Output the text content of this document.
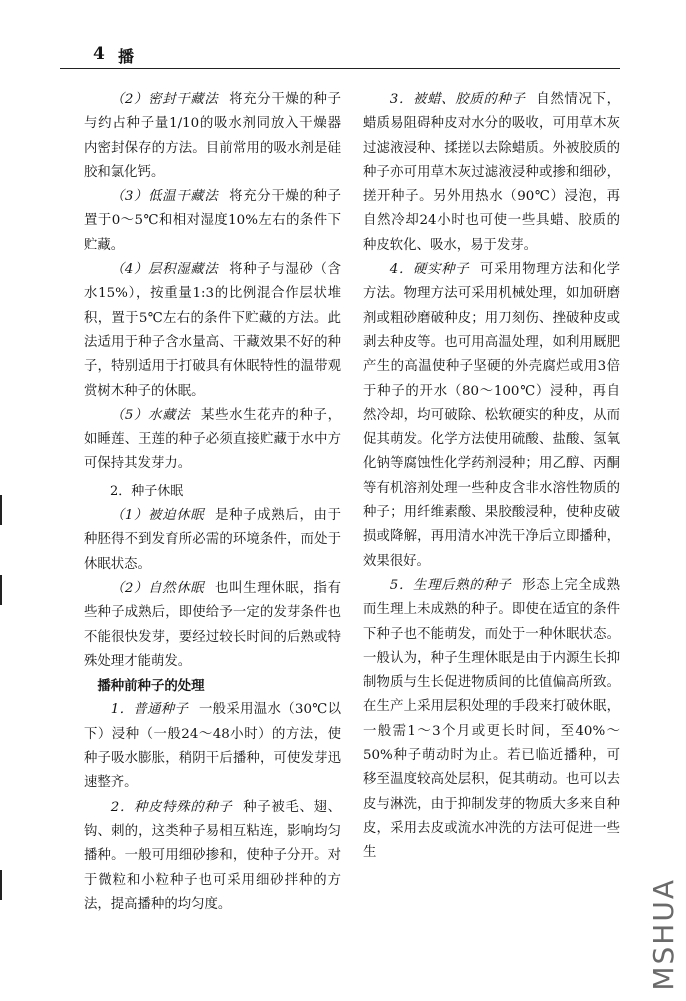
4 播

（2）密封干藏法 将充分干燥的种子与约占种子量1/10的吸水剂同放入干燥器内密封保存的方法。目前常用的吸水剂是硅胶和氯化钙。

（3）低温干藏法 将充分干燥的种子置于0～5℃和相对湿度10%左右的条件下贮藏。

（4）层积湿藏法 将种子与湿砂（含水15%），按重量1:3的比例混合作层状堆积，置于5℃左右的条件下贮藏的方法。此法适用于种子含水量高、干藏效果不好的种子，特别适用于打破具有休眠特性的温带观赏树木种子的休眠。

（5）水藏法 某些水生花卉的种子，如睡莲、王莲的种子必须直接贮藏于水中方可保持其发芽力。

2．种子休眠

（1）被迫休眠 是种子成熟后，由于种胚得不到发育所必需的环境条件，而处于休眠状态。

（2）自然休眠 也叫生理休眠，指有些种子成熟后，即使给予一定的发芽条件也不能很快发芽，要经过较长时间的后熟或特殊处理才能萌发。

播种前种子的处理

1．普通种子 一般采用温水（30℃以下）浸种（一般24～48小时）的方法，使种子吸水膨胀，稍阴干后播种，可使发芽迅速整齐。

2．种皮特殊的种子 种子被毛、翅、钩、刺的，这类种子易相互粘连，影响均匀播种。一般可用细砂掺和，使种子分开。对于微粒和小粒种子也可采用细砂拌种的方法，提高播种的均匀度。

3．被蜡、胶质的种子 自然情况下，蜡质易阻碍种皮对水分的吸收，可用草木灰过滤液浸种、揉搓以去除蜡质。外被胶质的种子亦可用草木灰过滤液浸种或掺和细砂，搓开种子。另外用热水（90℃）浸泡，再自然冷却24小时也可使一些具蜡、胶质的种皮软化、吸水，易于发芽。

4．硬实种子 可采用物理方法和化学方法。物理方法可采用机械处理，如加研磨剂或粗砂磨破种皮；用刀刻伤、挫破种皮或剥去种皮等。也可用高温处理，如利用厩肥产生的高温使种子坚硬的外壳腐烂或用3倍于种子的开水（80～100℃）浸种，再自然冷却，均可破除、松软硬实的种皮，从而促其萌发。化学方法使用硫酸、盐酸、氢氧化钠等腐蚀性化学药剂浸种；用乙醇、丙酮等有机溶剂处理一些种皮含非水溶性物质的种子；用纤维素酸、果胶酸浸种，使种皮破损或降解，再用清水冲洗干净后立即播种，效果很好。

5．生理后熟的种子 形态上完全成熟而生理上未成熟的种子。即使在适宜的条件下种子也不能萌发，而处于一种休眠状态。一般认为，种子生理休眠是由于内源生长抑制物质与生长促进物质间的比值偏高所致。在生产上采用层积处理的手段来打破休眠，一般需1～3个月或更长时间，至40%～50%种子萌动时为止。若已临近播种，可移至温度较高处层积，促其萌动。也可以去皮与淋洗，由于抑制发芽的物质大多来自种皮，采用去皮或流水冲洗的方法可促进一些生

MSHUA
